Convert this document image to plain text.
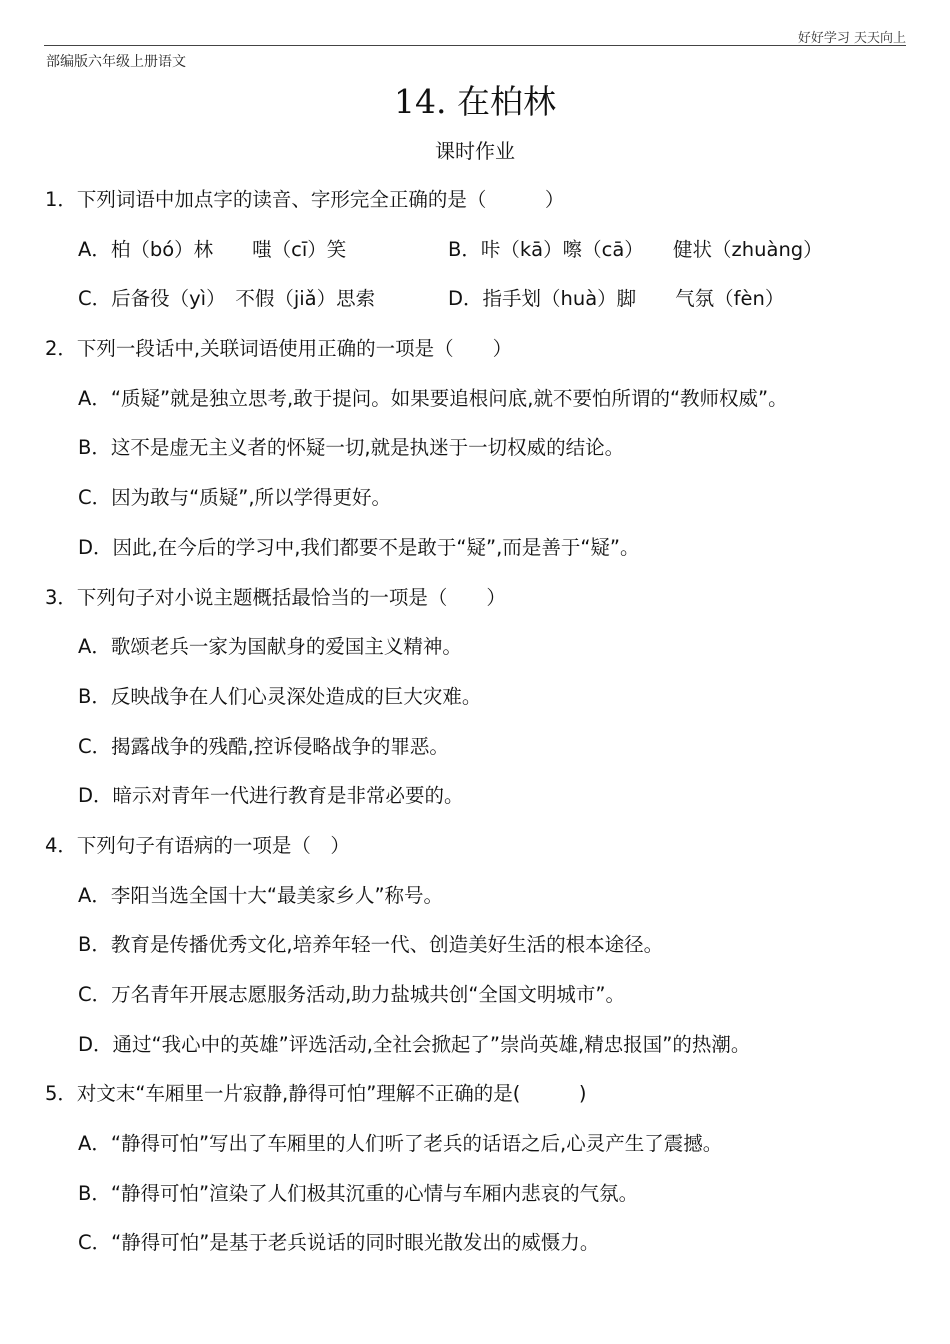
好好学习 天天向上
部编版六年级上册语文
14. 在柏林
课时作业
1．下列词语中加点字的读音、字形完全正确的是（　　　）
A．柏（bó）林　　嗤（cī）笑	B．咔（kā）嚓（cā）　　健状（zhuàng）
C．后备役（yì）　不假（jiǎ）思索	D．指手划（huà）脚　　气氛（fèn）
2．下列一段话中,关联词语使用正确的一项是（　　）
A．“质疑”就是独立思考,敢于提问。如果要追根问底,就不要怕所谓的“教师权威”。
B．这不是虚无主义者的怀疑一切,就是执迷于一切权威的结论。
C．因为敢与“质疑”,所以学得更好。
D．因此,在今后的学习中,我们都要不是敢于“疑”,而是善于“疑”。
3．下列句子对小说主题概括最恰当的一项是（　　）
A．歌颂老兵一家为国献身的爱国主义精神。
B．反映战争在人们心灵深处造成的巨大灾难。
C．揭露战争的残酷,控诉侵略战争的罪恶。
D．暗示对青年一代进行教育是非常必要的。
4．下列句子有语病的一项是（　）
A．李阳当选全国十大“最美家乡人”称号。
B．教育是传播优秀文化,培养年轻一代、创造美好生活的根本途径。
C．万名青年开展志愿服务活动,助力盐城共创“全国文明城市”。
D．通过“我心中的英雄”评选活动,全社会掀起了”崇尚英雄,精忠报国”的热潮。
5．对文末“车厢里一片寂静,静得可怕”理解不正确的是(　　　)
A．“静得可怕”写出了车厢里的人们听了老兵的话语之后,心灵产生了震撼。
B．“静得可怕”渲染了人们极其沉重的心情与车厢内悲哀的气氛。
C．“静得可怕”是基于老兵说话的同时眼光散发出的威慑力。
